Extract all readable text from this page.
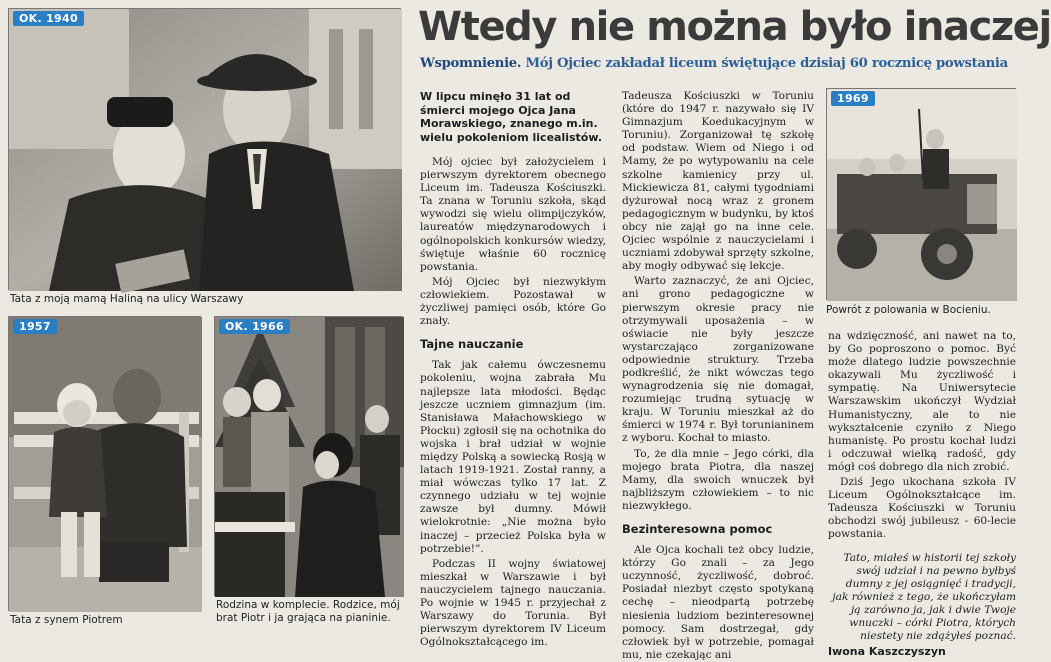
OK. 1940
Tata z moją mamą Haliną na ulicy Warszawy
1957
Tata z synem Piotrem
OK. 1966
Rodzina w komplecie. Rodzice, mój brat Piotr i ja grająca na pianinie.
1969
Powrót z polowania w Bocieniu.
Wtedy nie można było inaczej
Wspomnienie. Mój Ojciec zakładał liceum świętujące dzisiaj 60 rocznicę powstania

W lipcu minęło 31 lat od śmierci mojego Ojca Jana Morawskiego, znanego m.in. wielu pokoleniom licealistów.

Mój ojciec był założycielem i pierwszym dyrektorem obecnego Liceum im. Tadeusza Kościuszki. Ta znana w Toruniu szkoła, skąd wywodzi się wielu olimpijczyków, laureatów międzynarodowych i ogólnopolskich konkursów wiedzy, świętuje właśnie 60 rocznicę powstania.

Mój Ojciec był niezwykłym człowiekiem. Pozostawał w życzliwej pamięci osób, które Go znały.

Tajne nauczanie

Tak jak całemu ówczesnemu pokoleniu, wojna zabrała Mu najlepsze lata młodości. Będąc jeszcze uczniem gimnazjum (im. Stanisława Małachowskiego w Płocku) zgłosił się na ochotnika do wojska i brał udział w wojnie między Polską a sowiecką Rosją w latach 1919-1921. Został ranny, a miał wówczas tylko 17 lat. Z czynnego udziału w tej wojnie zawsze był dumny. Mówił wielokrotnie: „Nie można było inaczej – przecież Polska była w potrzebie!”.

Podczas II wojny światowej mieszkał w Warszawie i był nauczycielem tajnego nauczania. Po wojnie w 1945 r. przyjechał z Warszawy do Torunia. Był pierwszym dyrektorem IV Liceum Ogólnokształcącego im.

Tadeusza Kościuszki w Toruniu (które do 1947 r. nazywało się IV Gimnazjum Koedukacyjnym w Toruniu). Zorganizował tę szkołę od podstaw. Wiem od Niego i od Mamy, że po wytypowaniu na cele szkolne kamienicy przy ul. Mickiewicza 81, całymi tygodniami dyżurował nocą wraz z gronem pedagogicznym w budynku, by ktoś obcy nie zajął go na inne cele. Ojciec wspólnie z nauczycielami i uczniami zdobywał sprzęty szkolne, aby mogły odbywać się lekcje.

Warto zaznaczyć, że ani Ojciec, ani grono pedagogiczne w pierwszym okresie pracy nie otrzymywali uposażenia – w oświacie nie były jeszcze wystarczająco zorganizowane odpowiednie struktury. Trzeba podkreślić, że nikt wówczas tego wynagrodzenia się nie domagał, rozumiejąc trudną sytuację w kraju. W Toruniu mieszkał aż do śmierci w 1974 r. Był torunianinem z wyboru. Kochał to miasto.

To, że dla mnie – Jego córki, dla mojego brata Piotra, dla naszej Mamy, dla swoich wnuczek był najbliższym człowiekiem – to nic niezwykłego.

Bezinteresowna pomoc

Ale Ojca kochali też obcy ludzie, którzy Go znali – za Jego uczynność, życzliwość, dobroć. Posiadał niezbyt często spotykaną cechę – nieodpartą potrzebę niesienia ludziom bezinteresownej pomocy. Sam dostrzegał, gdy człowiek był w potrzebie, pomagał mu, nie czekając ani

na wdzięczność, ani nawet na to, by Go poproszono o pomoc. Być może dlatego ludzie powszechnie okazywali Mu życzliwość i sympatię. Na Uniwersytecie Warszawskim ukończył Wydział Humanistyczny, ale to nie wykształcenie czyniło z Niego humanistę. Po prostu kochał ludzi i odczuwał wielką radość, gdy mógł coś dobrego dla nich zrobić.

Dziś Jego ukochana szkoła IV Liceum Ogólnokształcące im. Tadeusza Kościuszki w Toruniu obchodzi swój jubileusz - 60-lecie powstania.

Tato, miałeś w historii tej szkoły swój udział i na pewno byłbyś dumny z jej osiągnięć i tradycji, jak również z tego, że ukończyłam ją zarówno ja, jak i dwie Twoje wnuczki – córki Piotra, których niestety nie zdążyłeś poznać.

Iwona Kaszczyszyn
